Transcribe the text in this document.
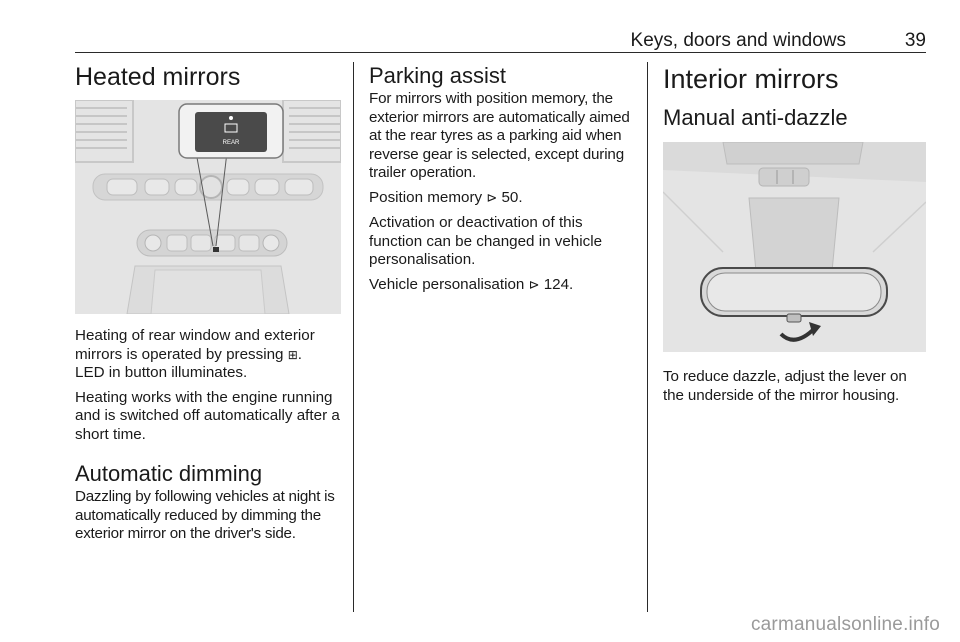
Keys, doors and windows	39
Heated mirrors
REAR

Heating of rear window and exterior mirrors is operated by pressing ⊞.

LED in button illuminates.

Heating works with the engine running and is switched off automatically after a short time.

Automatic dimming

Dazzling by following vehicles at night is automatically reduced by dimming the exterior mirror on the driver's side.

Parking assist

For mirrors with position memory, the exterior mirrors are automatically aimed at the rear tyres as a parking aid when reverse gear is selected, except during trailer operation.

Position memory ⊳ 50.

Activation or deactivation of this function can be changed in vehicle personalisation.

Vehicle personalisation ⊳ 124.

Interior mirrors
Manual anti-dazzle

To reduce dazzle, adjust the lever on the underside of the mirror housing.

carmanualsonline.info
